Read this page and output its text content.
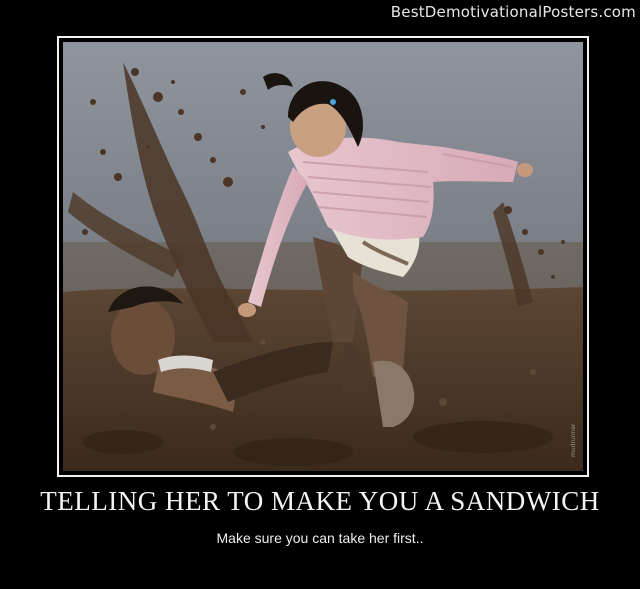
BestDemotivationalPosters.com
mudrunner
TELLING HER TO MAKE YOU A SANDWICH
Make sure you can take her first..
